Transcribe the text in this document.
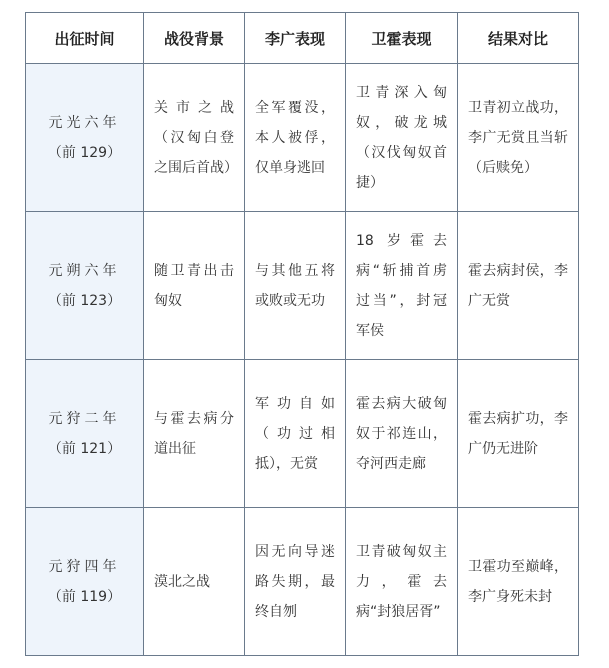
出征时间	战役背景	李广表现	卫霍表现	结果对比

元光六年
（前 129）	关市之战（汉匈白登之围后首战）	全军覆没，本人被俘，仅单身逃回	卫青深入匈奴，破龙城（汉伐匈奴首捷）	卫青初立战功，李广无赏且当斩（后赎免）

元朔六年
（前 123）	随卫青出击匈奴	与其他五将或败或无功	18 岁霍去病“斩捕首虏过当”，封冠军侯	霍去病封侯，李广无赏

元狩二年
（前 121）	与霍去病分道出征	军功自如（功过相抵），无赏	霍去病大破匈奴于祁连山，夺河西走廊	霍去病扩功，李广仍无进阶

元狩四年
（前 119）	漠北之战	因无向导迷路失期，最终自刎	卫青破匈奴主力，霍去病“封狼居胥”	卫霍功至巅峰，李广身死未封
